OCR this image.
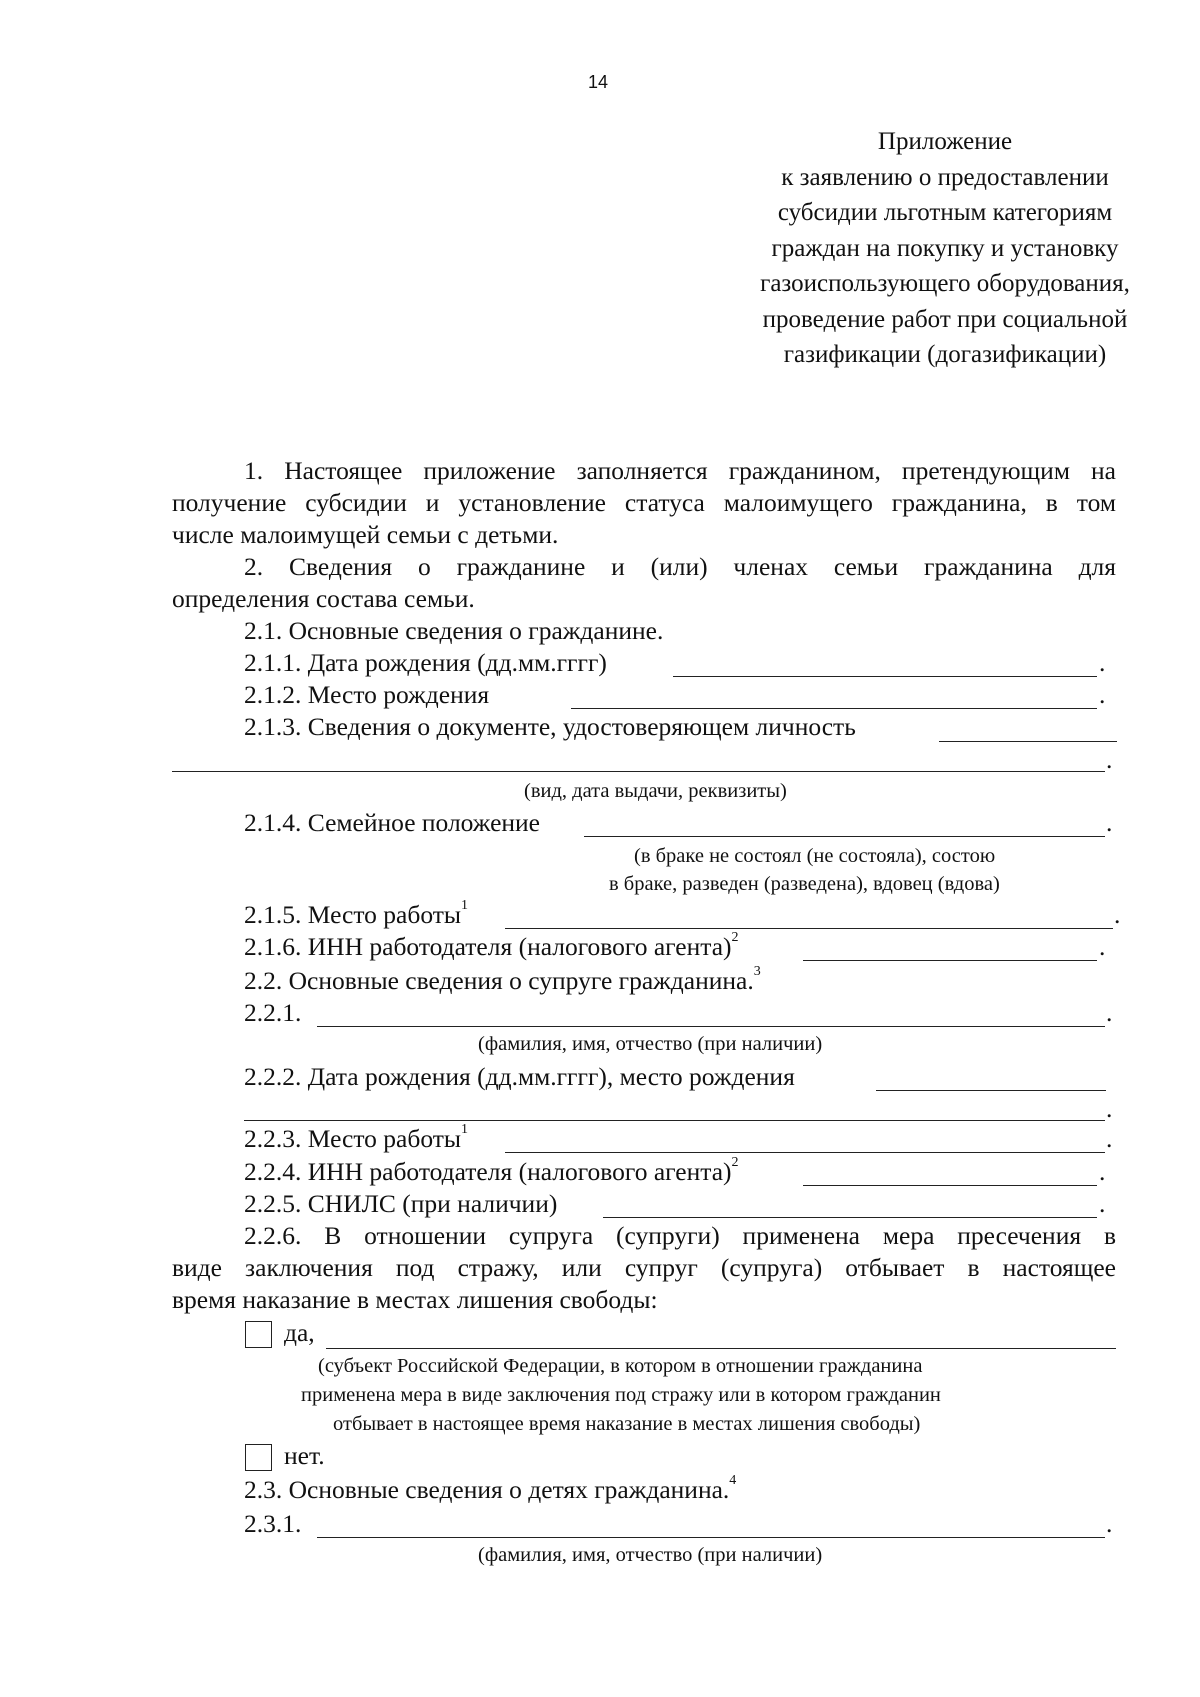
14
Приложение
к заявлению о предоставлении
субсидии льготным категориям
граждан на покупку и установку
газоиспользующего оборудования,
проведение работ при социальной
газификации (догазификации)
1. Настоящее приложение заполняется гражданином, претендующим на
получение субсидии и установление статуса малоимущего гражданина, в том
числе малоимущей семьи с детьми.
2. Сведения о гражданине и (или) членах семьи гражданина для
определения состава семьи.
2.1. Основные сведения о гражданине.
2.1.1. Дата рождения (дд.мм.гггг)	.
2.1.2. Место рождения	.
2.1.3. Сведения о документе, удостоверяющем личность
.
(вид, дата выдачи, реквизиты)
2.1.4. Семейное положение	.
(в браке не состоял (не состояла), состою
в браке, разведен (разведена), вдовец (вдова)
2.1.5. Место работы$^1$	.
2.1.6. ИНН работодателя (налогового агента)$^2$	.
2.2. Основные сведения о супруге гражданина.$^3$
2.2.1.	.
(фамилия, имя, отчество (при наличии)
2.2.2. Дата рождения (дд.мм.гггг), место рождения
.
2.2.3. Место работы$^1$	.
2.2.4. ИНН работодателя (налогового агента)$^2$	.
2.2.5. СНИЛС (при наличии)	.
2.2.6. В отношении супруга (супруги) применена мера пресечения в
виде заключения под стражу, или супруг (супруга) отбывает в настоящее
время наказание в местах лишения свободы:
да,
(субъект Российской Федерации, в котором в отношении гражданина
применена мера в виде заключения под стражу или в котором гражданин
отбывает в настоящее время наказание в местах лишения свободы)
нет.
2.3. Основные сведения о детях гражданина.$^4$
2.3.1.	.
(фамилия, имя, отчество (при наличии)
